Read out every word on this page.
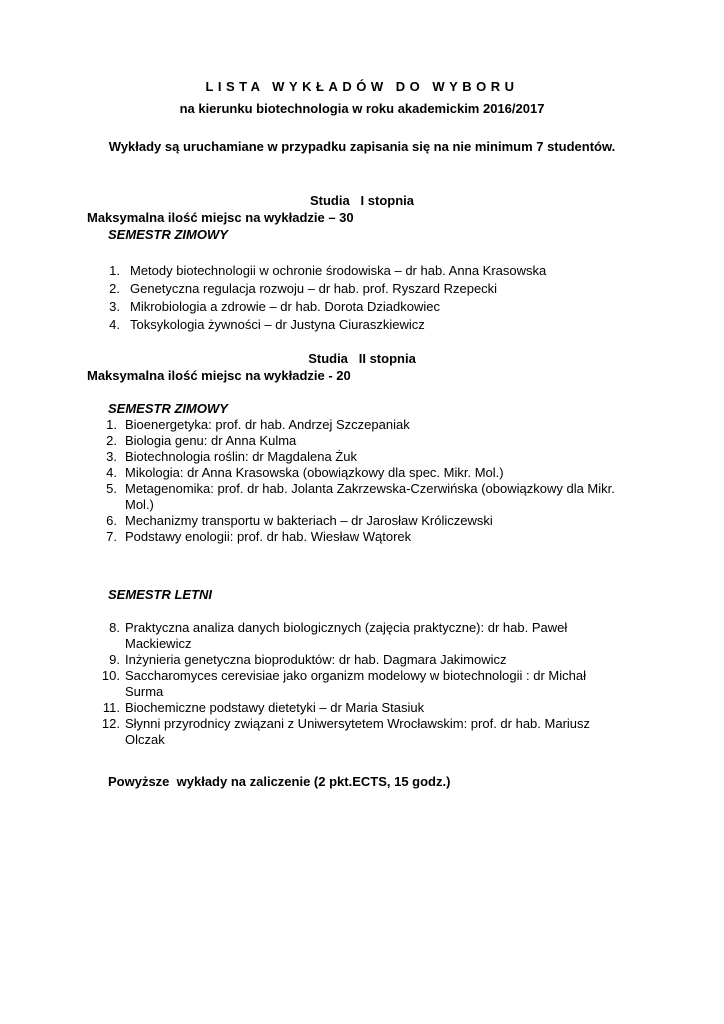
LISTA WYKŁADÓW DO WYBORU
na kierunku biotechnologia w roku akademickim 2016/2017
Wykłady są uruchamiane w przypadku zapisania się na nie minimum 7 studentów.
Studia   I stopnia
Maksymalna ilość miejsc na wykładzie – 30
SEMESTR ZIMOWY
1. Metody biotechnologii w ochronie środowiska – dr hab. Anna Krasowska
2. Genetyczna regulacja rozwoju – dr hab. prof. Ryszard Rzepecki
3. Mikrobiologia a zdrowie – dr hab. Dorota Dziadkowiec
4. Toksykologia żywności – dr Justyna Ciuraszkiewicz
Studia   II stopnia
Maksymalna ilość miejsc na wykładzie - 20
SEMESTR ZIMOWY
1. Bioenergetyka: prof. dr hab. Andrzej Szczepaniak
2. Biologia genu: dr Anna Kulma
3. Biotechnologia roślin: dr Magdalena Żuk
4. Mikologia: dr Anna Krasowska (obowiązkowy dla spec. Mikr. Mol.)
5. Metagenomika: prof. dr hab. Jolanta Zakrzewska-Czerwińska (obowiązkowy dla Mikr. Mol.)
6. Mechanizmy transportu w bakteriach – dr Jarosław Króliczewski
7. Podstawy enologii: prof. dr hab. Wiesław Wątorek
SEMESTR LETNI
8. Praktyczna analiza danych biologicznych (zajęcia praktyczne): dr hab. Paweł Mackiewicz
9. Inżynieria genetyczna bioproduktów: dr hab. Dagmara Jakimowicz
10. Saccharomyces cerevisiae jako organizm modelowy w biotechnologii : dr Michał Surma
11. Biochemiczne podstawy dietetyki – dr Maria Stasiuk
12. Słynni przyrodnicy związani z Uniwersytetem Wrocławskim: prof. dr hab. Mariusz Olczak
Powyższe  wykłady na zaliczenie (2 pkt.ECTS, 15 godz.)
